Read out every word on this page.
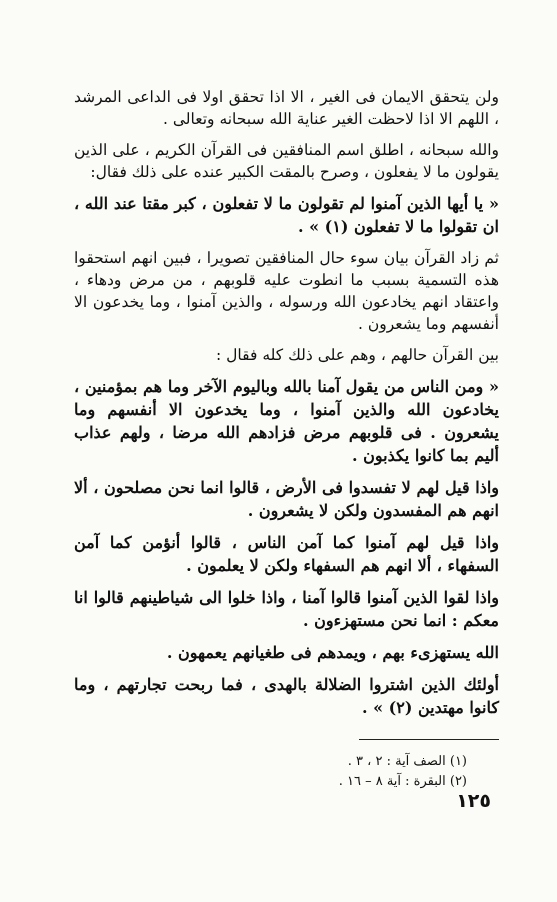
ولن يتحقق الايمان فى الغير ، الا اذا تحقق اولا فى الداعى المرشد ، اللهم الا اذا لاحظت الغير عناية الله سبحانه وتعالى .

والله سبحانه ، اطلق اسم المنافقين فى القرآن الكريم ، على الذين يقولون ما لا يفعلون ، وصرح بالمقت الكبير عنده على ذلك فقال:

« يا أيها الذين آمنوا لم تقولون ما لا تفعلون ، كبر مقتا عند الله ، ان تقولوا ما لا تفعلون (١) » .

ثم زاد القرآن بيان سوء حال المنافقين تصويرا ، فبين انهم استحقوا هذه التسمية بسبب ما انطوت عليه قلوبهم ، من مرض ودهاء ، واعتقاد انهم يخادعون الله ورسوله ، والذين آمنوا ، وما يخدعون الا أنفسهم وما يشعرون .

بين القرآن حالهم ، وهم على ذلك كله فقال :

« ومن الناس من يقول آمنا بالله وباليوم الآخر وما هم بمؤمنين ، يخادعون الله والذين آمنوا ، وما يخدعون الا أنفسهم وما يشعرون . فى قلوبهم مرض فزادهم الله مرضا ، ولهم عذاب أليم بما كانوا يكذبون .

واذا قيل لهم لا تفسدوا فى الأرض ، قالوا انما نحن مصلحون ، ألا انهم هم المفسدون ولكن لا يشعرون .

واذا قيل لهم آمنوا كما آمن الناس ، قالوا أنؤمن كما آمن السفهاء ، ألا انهم هم السفهاء ولكن لا يعلمون .

واذا لقوا الذين آمنوا قالوا آمنا ، واذا خلوا الى شياطينهم قالوا انا معكم : انما نحن مستهزءون .

الله يستهزىء بهم ، ويمدهم فى طغيانهم يعمهون .

أولئك الذين اشتروا الضلالة بالهدى ، فما ربحت تجارتهم ، وما كانوا مهتدين (٢) » .

(١) الصف آية : ٢ ، ٣ .
(٢) البقرة : آية ٨ – ١٦ .
١٢٥
